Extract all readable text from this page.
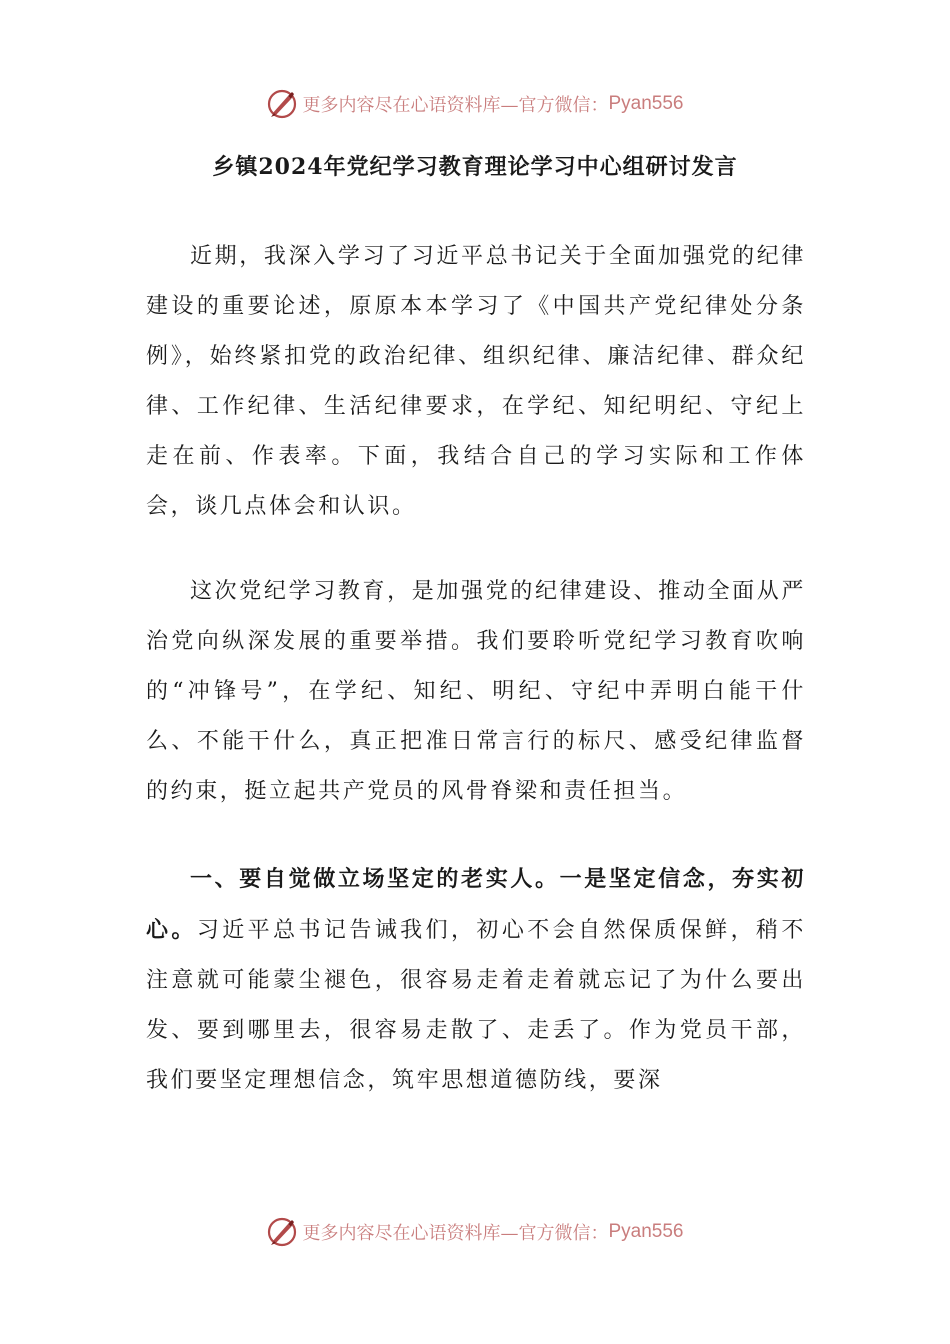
更多内容尽在心语资料库—官方微信： Pyan556
乡镇2024年党纪学习教育理论学习中心组研讨发言

近期，我深入学习了习近平总书记关于全面加强党的纪律建设的重要论述，原原本本学习了《中国共产党纪律处分条例》，始终紧扣党的政治纪律、组织纪律、廉洁纪律、群众纪律、工作纪律、生活纪律要求，在学纪、知纪明纪、守纪上走在前、作表率。下面，我结合自己的学习实际和工作体会，谈几点体会和认识。

这次党纪学习教育，是加强党的纪律建设、推动全面从严治党向纵深发展的重要举措。我们要聆听党纪学习教育吹响的“冲锋号”，在学纪、知纪、明纪、守纪中弄明白能干什么、不能干什么，真正把准日常言行的标尺、感受纪律监督的约束，挺立起共产党员的风骨脊梁和责任担当。

一、要自觉做立场坚定的老实人。一是坚定信念，夯实初心。习近平总书记告诫我们，初心不会自然保质保鲜，稍不注意就可能蒙尘褪色，很容易走着走着就忘记了为什么要出发、要到哪里去，很容易走散了、走丢了。作为党员干部，我们要坚定理想信念，筑牢思想道德防线，要深

更多内容尽在心语资料库—官方微信： Pyan556
